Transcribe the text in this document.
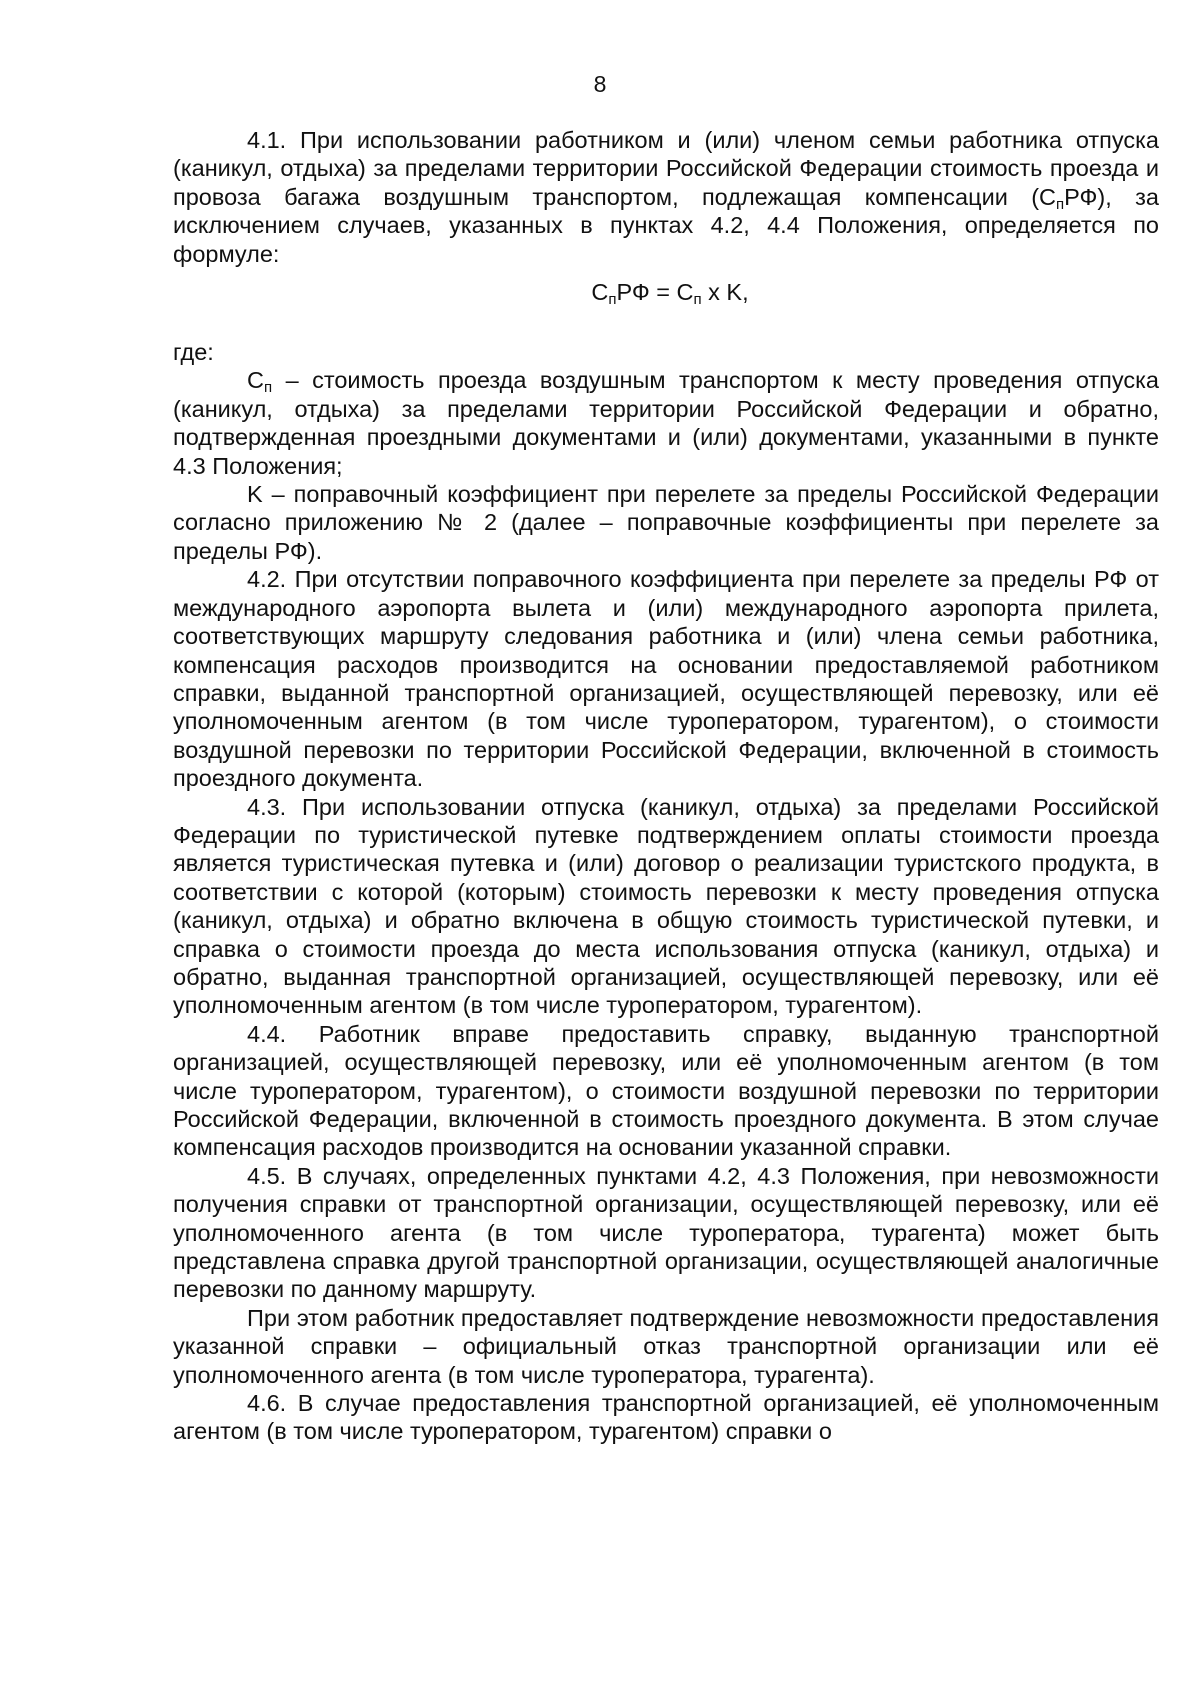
8

4.1. При использовании работником и (или) членом семьи работника отпуска (каникул, отдыха) за пределами территории Российской Федерации стоимость проезда и провоза багажа воздушным транспортом, подлежащая компенсации $(С_пРФ)$, за исключением случаев, указанных в пунктах 4.2, 4.4 Положения, определяется по формуле:

$С_пРФ = С_п$ х K,

где:

$С_п$ – стоимость проезда воздушным транспортом к месту проведения отпуска (каникул, отдыха) за пределами территории Российской Федерации и обратно, подтвержденная проездными документами и (или) документами, указанными в пункте 4.3 Положения;

K – поправочный коэффициент при перелете за пределы Российской Федерации согласно приложению № 2 (далее – поправочные коэффициенты при перелете за пределы РФ).

4.2. При отсутствии поправочного коэффициента при перелете за пределы РФ от международного аэропорта вылета и (или) международного аэропорта прилета, соответствующих маршруту следования работника и (или) члена семьи работника, компенсация расходов производится на основании предоставляемой работником справки, выданной транспортной организацией, осуществляющей перевозку, или её уполномоченным агентом (в том числе туроператором, турагентом), о стоимости воздушной перевозки по территории Российской Федерации, включенной в стоимость проездного документа.

4.3. При использовании отпуска (каникул, отдыха) за пределами Российской Федерации по туристической путевке подтверждением оплаты стоимости проезда является туристическая путевка и (или) договор о реализации туристского продукта, в соответствии с которой (которым) стоимость перевозки к месту проведения отпуска (каникул, отдыха) и обратно включена в общую стоимость туристической путевки, и справка о стоимости проезда до места использования отпуска (каникул, отдыха) и обратно, выданная транспортной организацией, осуществляющей перевозку, или её уполномоченным агентом (в том числе туроператором, турагентом).

4.4. Работник вправе предоставить справку, выданную транспортной организацией, осуществляющей перевозку, или её уполномоченным агентом (в том числе туроператором, турагентом), о стоимости воздушной перевозки по территории Российской Федерации, включенной в стоимость проездного документа. В этом случае компенсация расходов производится на основании указанной справки.

4.5. В случаях, определенных пунктами 4.2, 4.3 Положения, при невозможности получения справки от транспортной организации, осуществляющей перевозку, или её уполномоченного агента (в том числе туроператора, турагента) может быть представлена справка другой транспортной организации, осуществляющей аналогичные перевозки по данному маршруту.

При этом работник предоставляет подтверждение невозможности предоставления указанной справки – официальный отказ транспортной организации или её уполномоченного агента (в том числе туроператора, турагента).

4.6. В случае предоставления транспортной организацией, её уполномоченным агентом (в том числе туроператором, турагентом) справки о
